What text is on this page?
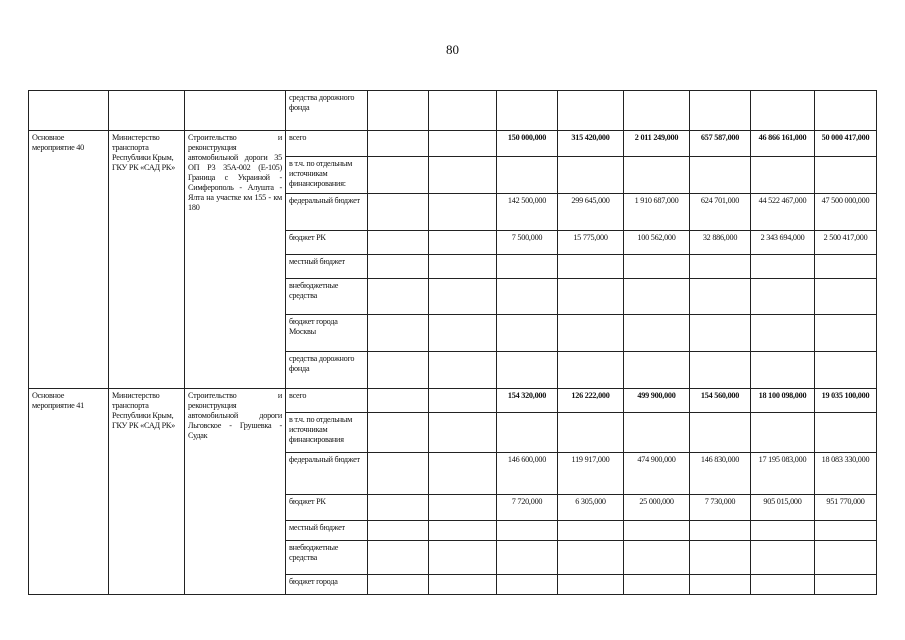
80
			средства дорожного фонда								
Основное мероприятие 40	Министерство транспорта Республики Крым, ГКУ РК «САД РК»	Строительство и реконструкция автомобильной дороги 35 ОП Р3 35А-002 (Е-105) Граница с Украиной - Симферополь - Алушта - Ялта на участке км 155 - км 180	всего			150 000,000	315 420,000	2 011 249,000	657 587,000	46 866 161,000	50 000 417,000
			в т.ч. по отдельным источникам финансирования:								
			федеральный бюджет			142 500,000	299 645,000	1 910 687,000	624 701,000	44 522 467,000	47 500 000,000
			бюджет РК			7 500,000	15 775,000	100 562,000	32 886,000	2 343 694,000	2 500 417,000
			местный бюджет								
			внебюджетные средства								
			бюджет города Москвы								
			средства дорожного фонда								
Основное мероприятие 41	Министерство транспорта Республики Крым, ГКУ РК «САД РК»	Строительство и реконструкция автомобильной дороги Льговское - Грушевка - Судак	всего			154 320,000	126 222,000	499 900,000	154 560,000	18 100 098,000	19 035 100,000
			в т.ч. по отдельным источникам финансирования								
			федеральный бюджет			146 600,000	119 917,000	474 900,000	146 830,000	17 195 083,000	18 083 330,000
			бюджет РК			7 720,000	6 305,000	25 000,000	7 730,000	905 015,000	951 770,000
			местный бюджет								
			внебюджетные средства								
			бюджет города								
